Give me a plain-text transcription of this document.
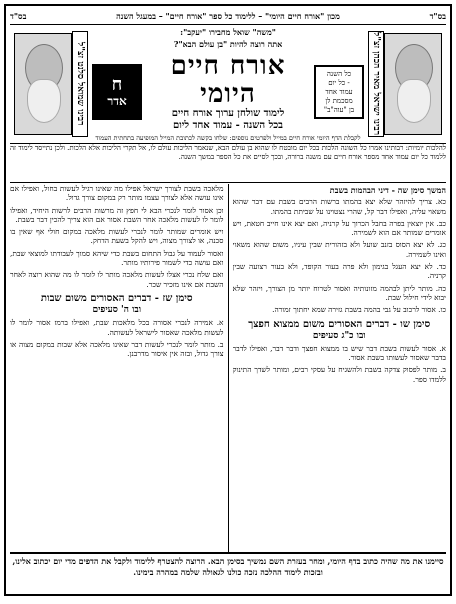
בס"ד
מכון "אורח חיים היומי" – ללימוד כל ספר "אורח חיים" – במעגל השנה
בס"ד
רבינו ישראל מאיר הכהן זצ"ל
"משה" שואל מחבירו "יעקב":
אתה רוצה להיות "בן עולם הבא"?
כל השנה
- כל יום
עמוד אחד
מסכמת לן
בן "עוה"ב"
אורח חיים היומי
לימוד שולחן ערוך אורח חיים
בכל השנה - עמוד אחד ליום
ח
אדר
לקבלת הדף היומי אורח חיים במייל ולפרטים נוספים: שלחו בקשה לכתובת המייל המופיעה בתחתית העמוד
רבינו שמואל סלנט זצ"ל
להלכות יומיות: רבותינו אמרו כל השונה הלכות בכל יום מובטח לו שהוא בן עולם הבא, שנאמר הליכות עולם לו, אל תקרי הליכות אלא הלכות. ולכן נתייסד לימוד זה ללמוד כל יום עמוד אחד מספר אורח חיים עם משנה ברורה, ובכך לסיים את כל הספר במשך השנה.
המשך סימן שה - דיני הבהמות בשבת

כא. צריך להיזהר שלא יצא בהמתו ברשות הרבים בשבת עם דבר שהוא משאוי עליה, ואפילו דבר קל, שהרי נצטוינו על שביתת בהמתו.

כב. אין יוצאין בפרה בחבל הכרוך על קרניה, ואם יצא אינו חייב חטאת, ויש אומרים שמותר אם הוא לשמירה.

כג. לא יצא הסוס בזנב שועל ולא בזהורית שבין עיניו, משום שהוא משאוי ואינו לשמירה.

כד. לא יצא העגל בגימון ולא פרה בעור הקופד, ולא בעור רצועה שבין קרניה.

כה. מותר ליתן לבהמה מזונותיה ואסור לטרוח יותר מן הצורך, ויזהר שלא יבוא לידי חילול שבת.

כו. אסור לרכוב על גבי בהמה בשבת גזירה שמא יחתוך זמורה.

סימן שו - דברים האסורים משום ממצוא חפצך
ובו כ"ג סעיפים

א. אסור לעשות בשבת דבר שיש בו ממצוא חפצך ודבר דבר, ואפילו לדבר בדבר שאסור לעשותו בשבת אסור.

ב. מותר לפסוק צדקה בשבת ולהשגיח על עסקי רבים, ומותר לשדך התינוק ללמדו ספר.

מלאכה בשבת לצורך ישראל אפילו מה שאינו רגיל לעשות בחול, ואפילו אם אינו עושה אלא לצורך עצמו מותר רק במקום צורך גדול.

וכן אסור לומר לנכרי הבא לי חפץ זה מרשות הרבים לרשות היחיד, ואפילו לומר לו לעשות מלאכה אחר השבת אסור אם הוא צריך להכין דבר בשבת.

ויש אומרים שמותר לומר לנכרי לעשות מלאכה במקום חולי אף שאין בו סכנה, או לצורך מצוה, ויש להקל בשעת הדחק.

ואסור לעמוד על גבול התחום בשבת כדי שיהא סמוך לעבודתו למוצאי שבת, ואם עושה כדי לשמור פירותיו מותר.

ואם שלח נכרי אצלו לעשות מלאכה מותר לו לומר לו מה שהוא רוצה לאחר השבת אם אינו מזכיר שכר.

סימן שז - דברים האסורים משום שבות
ובו ה' סעיפים

א. אמירה לנכרי אסורה בכל מלאכות שבת, ואפילו ברמז אסור לומר לו לעשות מלאכה שאסור לישראל לעשותה.

ב. מותר לומר לנכרי לעשות דבר שאינו מלאכה אלא שבות במקום מצוה או צורך גדול, ובזה אין איסור מדרבנן.

סיימנו את מה שהיה כתוב בדף היומי, ומחר בעזרת השם נמשיך בסימן הבא. הרוצה להצטרף ללימוד ולקבל את הדפים מדי יום יכתוב אלינו, ובזכות לימוד ההלכה נזכה כולנו לגאולה שלמה במהרה בימינו.
